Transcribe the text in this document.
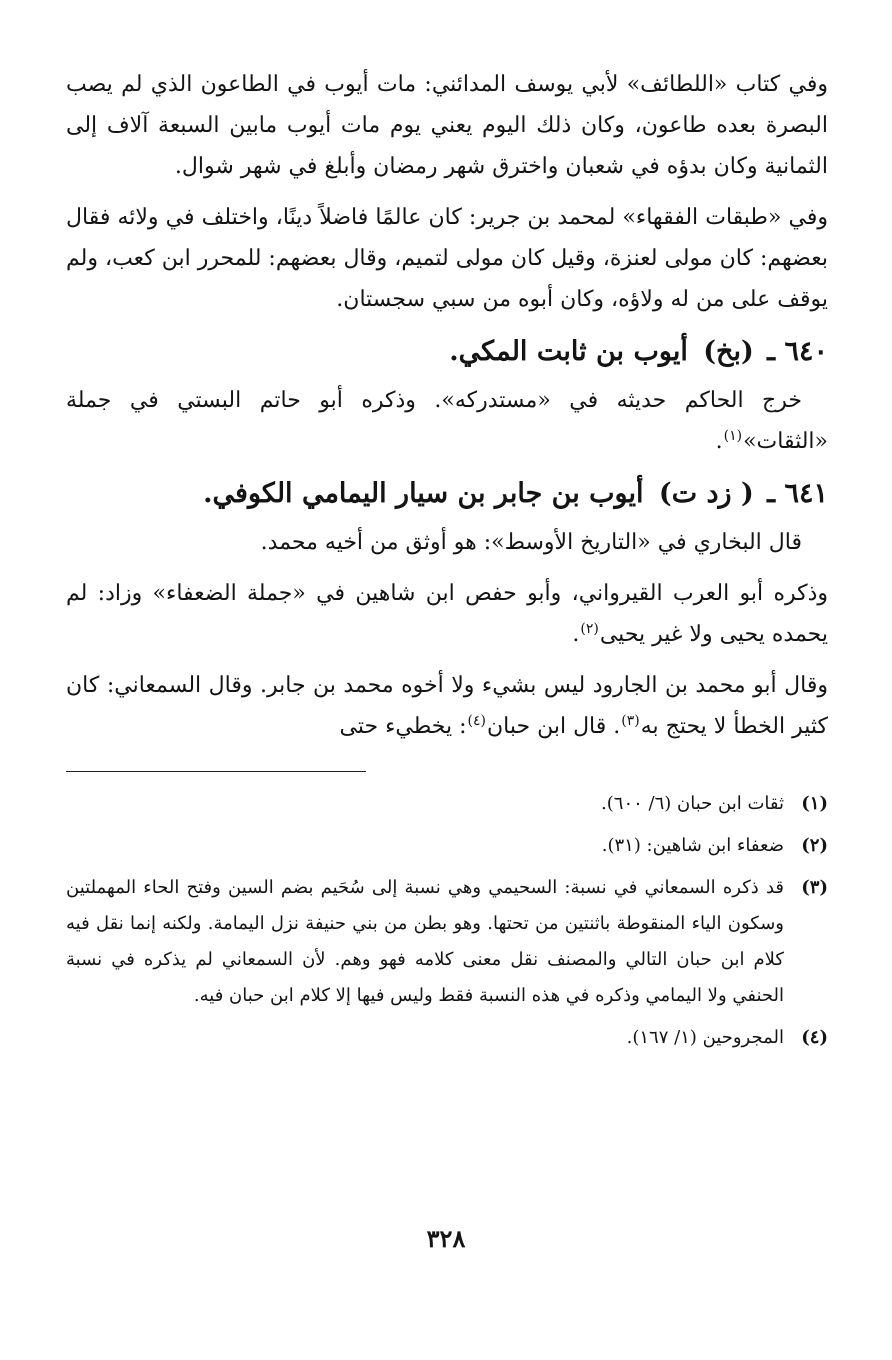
وفي كتاب «اللطائف» لأبي يوسف المدائني: مات أيوب في الطاعون الذي لم يصب البصرة بعده طاعون، وكان ذلك اليوم يعني يوم مات أيوب مابين السبعة آلاف إلى الثمانية وكان بدؤه في شعبان واخترق شهر رمضان وأبلغ في شهر شوال.

وفي «طبقات الفقهاء» لمحمد بن جرير: كان عالمًا فاضلاً دينًا، واختلف في ولائه فقال بعضهم: كان مولى لعنزة، وقيل كان مولى لتميم، وقال بعضهم: للمحرر ابن كعب، ولم يوقف على من له ولاؤه، وكان أبوه من سبي سجستان.

٦٤٠ ـ (بخ) أيوب بن ثابت المكي.

خرج الحاكم حديثه في «مستدركه». وذكره أبو حاتم البستي في جملة «الثقات»$^{(١)}$.

٦٤١ ـ ( زد ت) أيوب بن جابر بن سيار اليمامي الكوفي.

قال البخاري في «التاريخ الأوسط»: هو أوثق من أخيه محمد.

وذكره أبو العرب القيرواني، وأبو حفص ابن شاهين في «جملة الضعفاء» وزاد: لم يحمده يحيى ولا غير يحيى$^{(٢)}$.

وقال أبو محمد بن الجارود ليس بشيء ولا أخوه محمد بن جابر. وقال السمعاني: كان كثير الخطأ لا يحتج به$^{(٣)}$. قال ابن حبان$^{(٤)}$: يخطيء حتى

(١)
ثقات ابن حبان (٦/ ٦٠٠).
(٢)
ضعفاء ابن شاهين: (٣١).
(٣)
قد ذكره السمعاني في نسبة: السحيمي وهي نسبة إلى سُحَيم بضم السين وفتح الحاء المهملتين وسكون الياء المنقوطة باثنتين من تحتها. وهو بطن من بني حنيفة نزل اليمامة. ولكنه إنما نقل فيه كلام ابن حبان التالي والمصنف نقل معنى كلامه فهو وهم. لأن السمعاني لم يذكره في نسبة الحنفي ولا اليمامي وذكره في هذه النسبة فقط وليس فيها إلا كلام ابن حبان فيه.
(٤)
المجروحين (١/ ١٦٧).
٣٢٨
